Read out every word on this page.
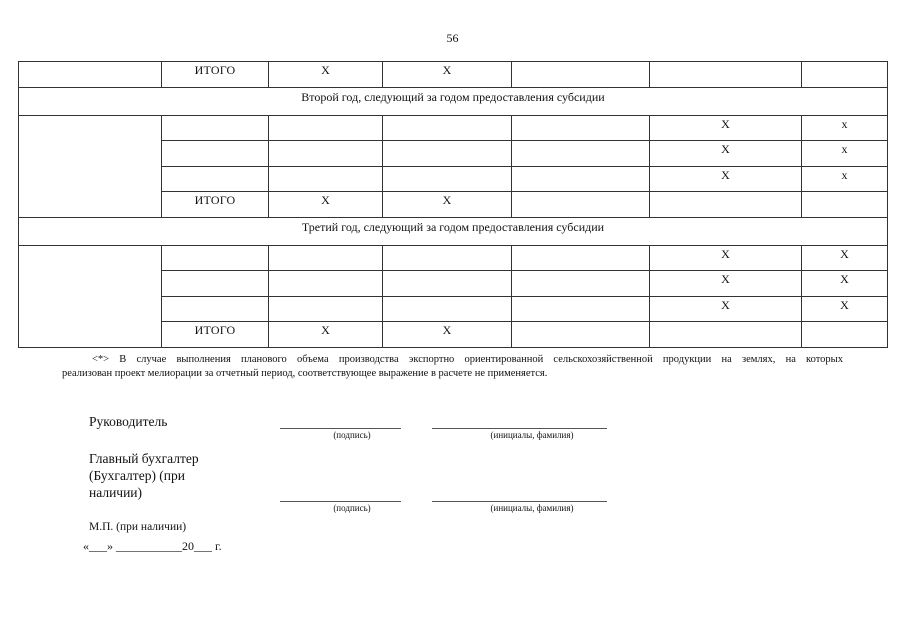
56
	ИТОГО	X	X			
Второй год, следующий за годом предоставления субсидии						
					X	x
					X	x
					X	x
	ИТОГО	X	X			
Третий год, следующий за годом предоставления субсидии						
					X	X
					X	X
					X	X
	ИТОГО	X	X			
<*> В случае выполнения планового объема производства экспортно ориентированной сельскохозяйственной продукции на землях, на которых
реализован проект мелиорации за отчетный период, соответствующее выражение в расчете не применяется.
Руководитель
(подпись)	(инициалы, фамилия)
Главный бухгалтер
(Бухгалтер) (при
наличии)
(подпись)	(инициалы, фамилия)
М.П. (при наличии)
«___» ___________20___ г.
